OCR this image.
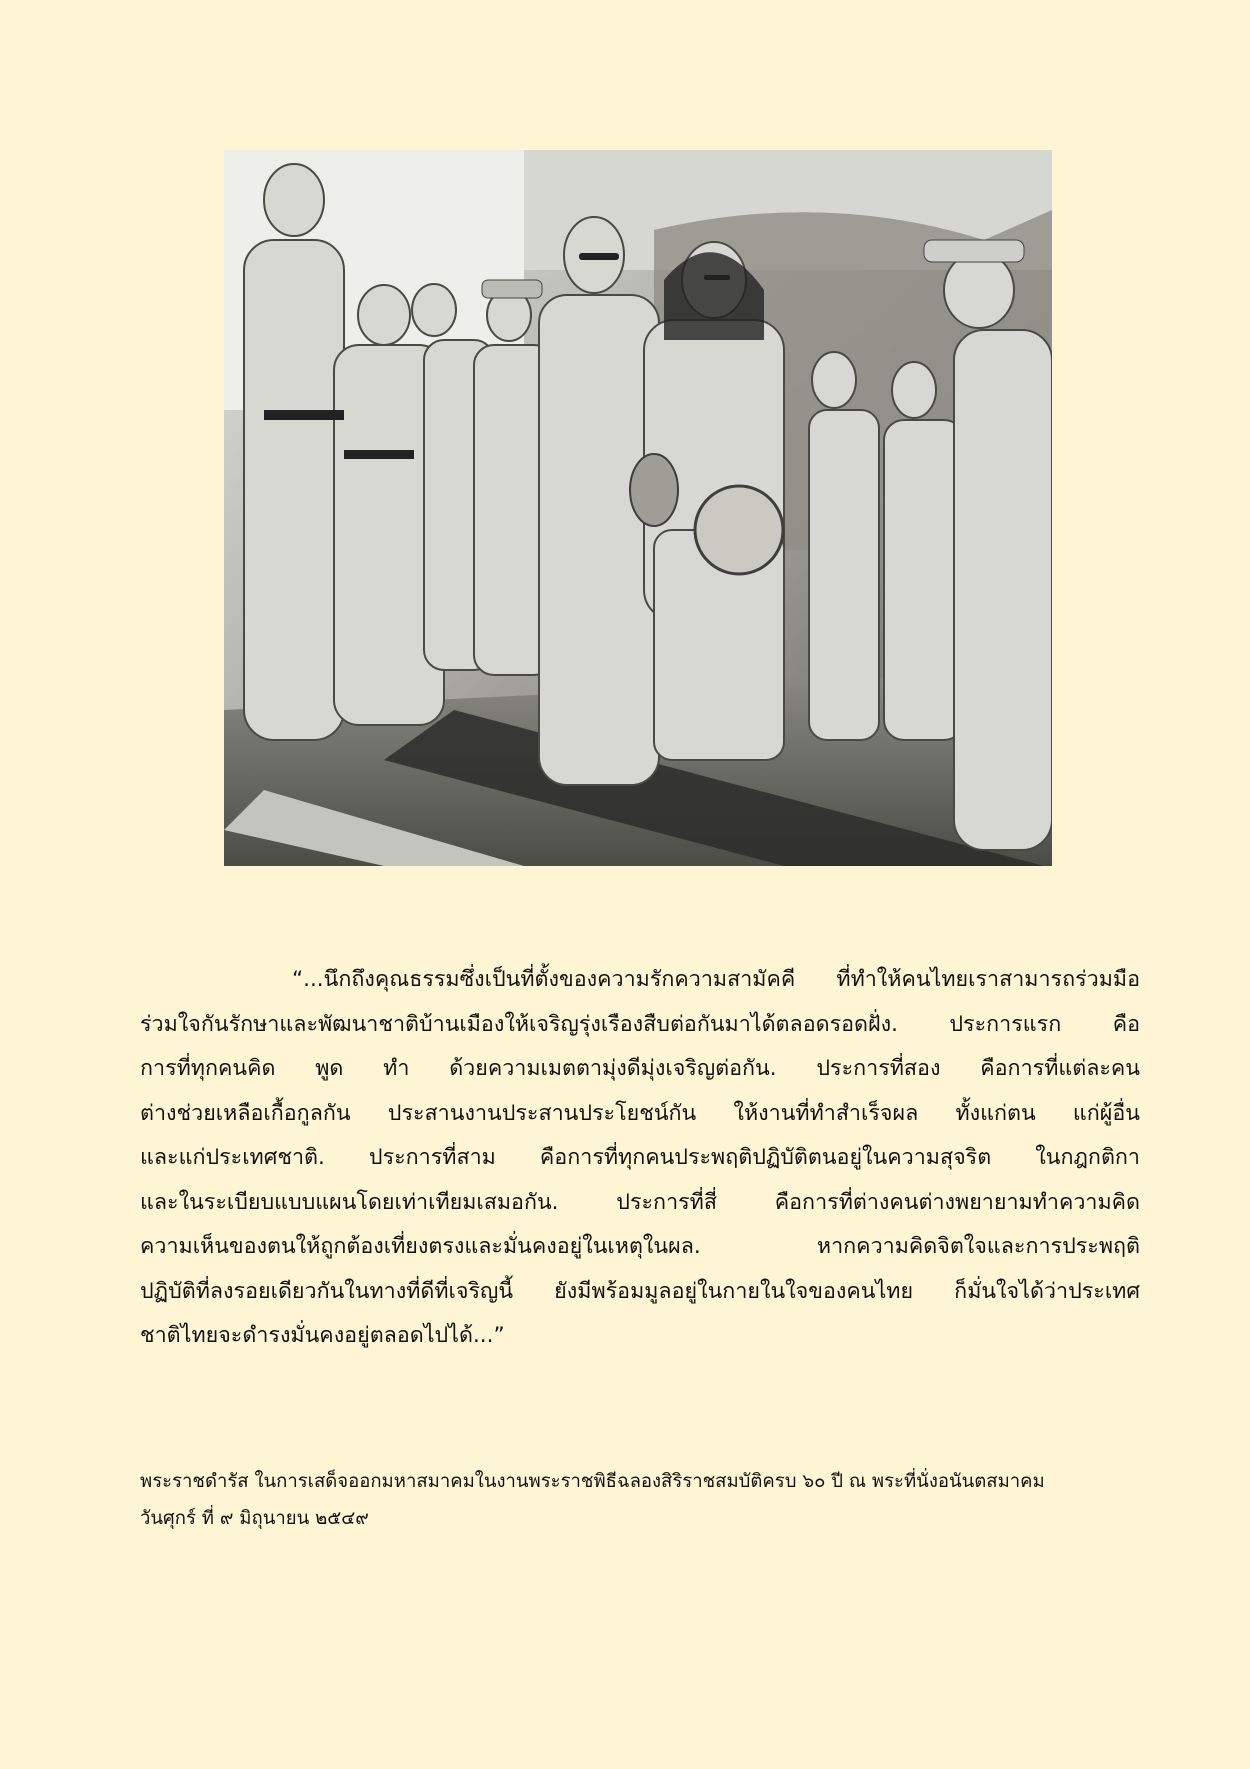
“...นึกถึงคุณธรรมซึ่งเป็นที่ตั้งของความรักความสามัคคี ที่ทำให้คนไทยเราสามารถร่วมมือ
ร่วมใจกันรักษาและพัฒนาชาติบ้านเมืองให้เจริญรุ่งเรืองสืบต่อกันมาได้ตลอดรอดฝั่ง. ประการแรก คือ
การที่ทุกคนคิด พูด ทำ ด้วยความเมตตามุ่งดีมุ่งเจริญต่อกัน. ประการที่สอง คือการที่แต่ละคน
ต่างช่วยเหลือเกื้อกูลกัน ประสานงานประสานประโยชน์กัน ให้งานที่ทำสำเร็จผล ทั้งแก่ตน แก่ผู้อื่น
และแก่ประเทศชาติ. ประการที่สาม คือการที่ทุกคนประพฤติปฏิบัติตนอยู่ในความสุจริต ในกฎกติกา
และในระเบียบแบบแผนโดยเท่าเทียมเสมอกัน. ประการที่สี่ คือการที่ต่างคนต่างพยายามทำความคิด
ความเห็นของตนให้ถูกต้องเที่ยงตรงและมั่นคงอยู่ในเหตุในผล. หากความคิดจิตใจและการประพฤติ
ปฏิบัติที่ลงรอยเดียวกันในทางที่ดีที่เจริญนี้ ยังมีพร้อมมูลอยู่ในกายในใจของคนไทย ก็มั่นใจได้ว่าประเทศ
ชาติไทยจะดำรงมั่นคงอยู่ตลอดไปได้...”
พระราชดำรัส ในการเสด็จออกมหาสมาคมในงานพระราชพิธีฉลองสิริราชสมบัติครบ ๖๐ ปี ณ พระที่นั่งอนันตสมาคม
วันศุกร์ ที่ ๙ มิถุนายน ๒๕๔๙
